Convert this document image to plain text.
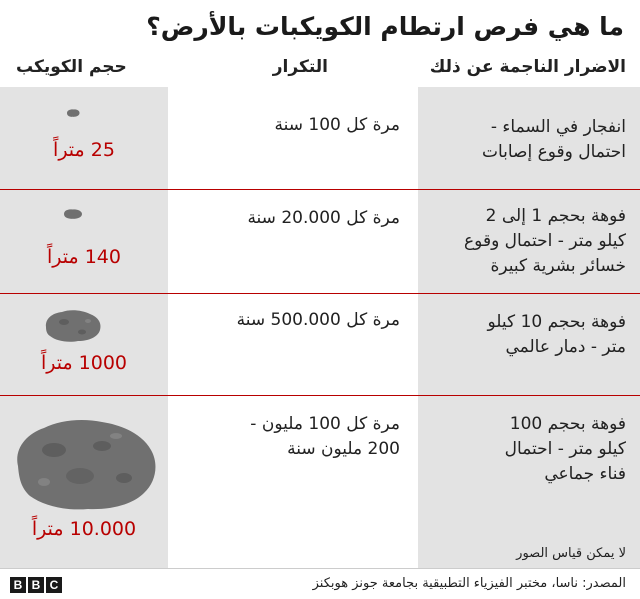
ما هي فرص ارتطام الكويكبات بالأرض؟
الاضرار الناجمة عن ذلك
التكرار
حجم الكويكب
انفجار في السماء -
احتمال وقوع إصابات
مرة كل 100 سنة
25 متراً
فوهة بحجم 1 إلى 2
كيلو متر - احتمال وقوع
خسائر بشرية كبيرة
مرة كل 20.000 سنة
140 متراً
فوهة بحجم 10 كيلو
متر - دمار عالمي
مرة كل 500.000 سنة
1000 متراً
فوهة بحجم 100
كيلو متر - احتمال
فناء جماعي
مرة كل 100 مليون -
200 مليون سنة
10.000 متراً
لا يمكن قياس الصور
المصدر: ناسا، مختبر الفيزياء التطبيقية بجامعة جونز هوبكنز
B B C
